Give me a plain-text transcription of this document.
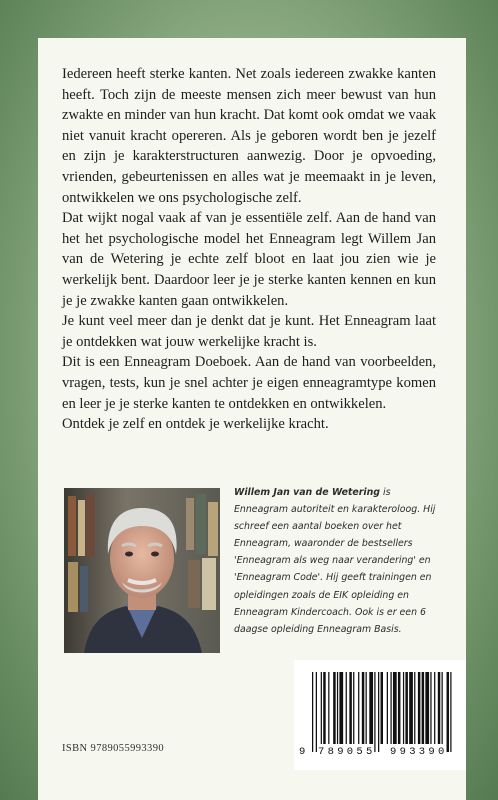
Iedereen heeft sterke kanten. Net zoals iedereen zwakke kanten heeft. Toch zijn de meeste mensen zich meer bewust van hun zwakte en minder van hun kracht. Dat komt ook omdat we vaak niet vanuit kracht opereren. Als je geboren wordt ben je jezelf en zijn je karakterstructuren aanwezig. Door je opvoeding, vrienden, gebeurtenissen en alles wat je meemaakt in je leven, ontwikkelen we ons psychologische zelf.

Dat wijkt nogal vaak af van je essentiële zelf. Aan de hand van het het psychologische model het Enneagram legt Willem Jan van de Wetering je echte zelf bloot en laat jou zien wie je werkelijk bent. Daardoor leer je je sterke kanten kennen en kun je je zwakke kanten gaan ontwikkelen.

Je kunt veel meer dan je denkt dat je kunt. Het Enneagram laat je ontdekken wat jouw werkelijke kracht is.

Dit is een Enneagram Doeboek. Aan de hand van voorbeelden, vragen, tests, kun je snel achter je eigen enneagramtype komen en leer je je sterke kanten te ontdekken en ontwikkelen.

Ontdek je zelf en ontdek je werkelijke kracht.

Willem Jan van de Wetering is Enneagram autoriteit en karakteroloog. Hij schreef een aantal boeken over het Enneagram, waaronder de bestsellers 'Enneagram als weg naar verandering' en 'Enneagram Code'. Hij geeft trainingen en opleidingen zoals de EIK opleiding en Enneagram Kindercoach. Ook is er een 6 daagse opleiding Enneagram Basis.
ISBN 9789055993390	9 789055 993390
